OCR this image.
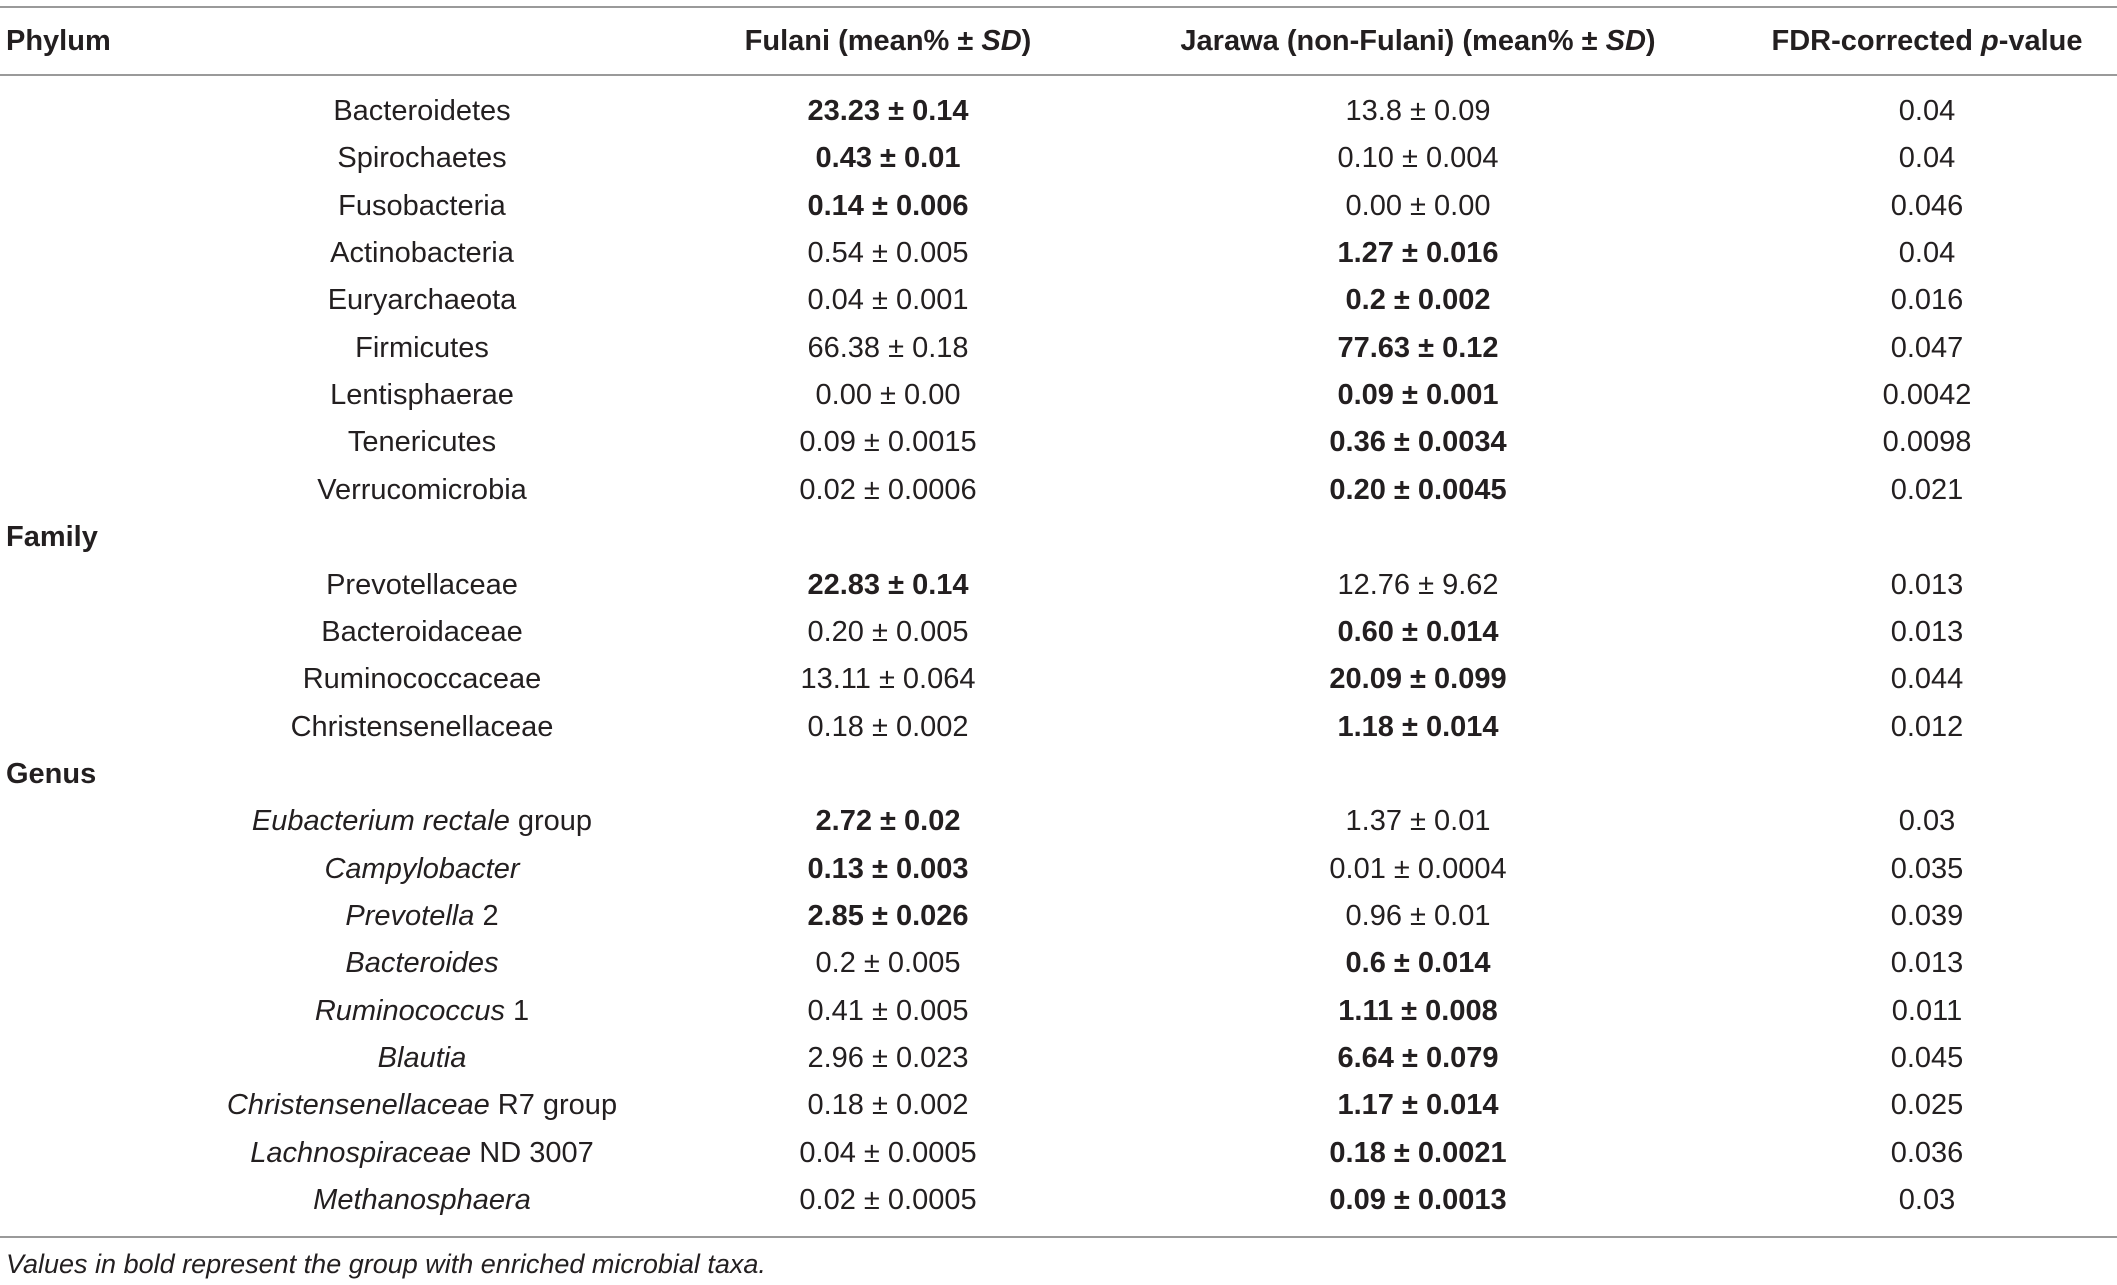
Phylum	Fulani (mean% ± SD)	Jarawa (non-Fulani) (mean% ± SD)	FDR-corrected p-value
Bacteroidetes	23.23 ± 0.14	13.8 ± 0.09	0.04
Spirochaetes	0.43 ± 0.01	0.10 ± 0.004	0.04
Fusobacteria	0.14 ± 0.006	0.00 ± 0.00	0.046
Actinobacteria	0.54 ± 0.005	1.27 ± 0.016	0.04
Euryarchaeota	0.04 ± 0.001	0.2 ± 0.002	0.016
Firmicutes	66.38 ± 0.18	77.63 ± 0.12	0.047
Lentisphaerae	0.00 ± 0.00	0.09 ± 0.001	0.0042
Tenericutes	0.09 ± 0.0015	0.36 ± 0.0034	0.0098
Verrucomicrobia	0.02 ± 0.0006	0.20 ± 0.0045	0.021
Family
Prevotellaceae	22.83 ± 0.14	12.76 ± 9.62	0.013
Bacteroidaceae	0.20 ± 0.005	0.60 ± 0.014	0.013
Ruminococcaceae	13.11 ± 0.064	20.09 ± 0.099	0.044
Christensenellaceae	0.18 ± 0.002	1.18 ± 0.014	0.012
Genus
Eubacterium rectale group	2.72 ± 0.02	1.37 ± 0.01	0.03
Campylobacter	0.13 ± 0.003	0.01 ± 0.0004	0.035
Prevotella 2	2.85 ± 0.026	0.96 ± 0.01	0.039
Bacteroides	0.2 ± 0.005	0.6 ± 0.014	0.013
Ruminococcus 1	0.41 ± 0.005	1.11 ± 0.008	0.011
Blautia	2.96 ± 0.023	6.64 ± 0.079	0.045
Christensenellaceae R7 group	0.18 ± 0.002	1.17 ± 0.014	0.025
Lachnospiraceae ND 3007	0.04 ± 0.0005	0.18 ± 0.0021	0.036
Methanosphaera	0.02 ± 0.0005	0.09 ± 0.0013	0.03
Values in bold represent the group with enriched microbial taxa.
